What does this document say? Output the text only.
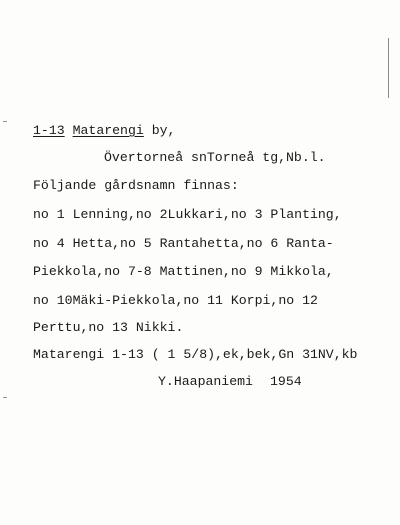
1-13 Matarengi by,
Övertorneå snTorneå tg,Nb.l.
Följande gårdsnamn finnas:
no 1 Lenning,no 2Lukkari,no 3 Planting,
no 4 Hetta,no 5 Rantahetta,no 6 Ranta-
Piekkola,no 7-8 Mattinen,no 9 Mikkola,
no 10Mäki-Piekkola,no 11 Korpi,no 12
Perttu,no 13 Nikki.
Matarengi 1-13 ( 1 5/8),ek,bek,Gn 31NV,kb
Y.Haapaniemi 1954
